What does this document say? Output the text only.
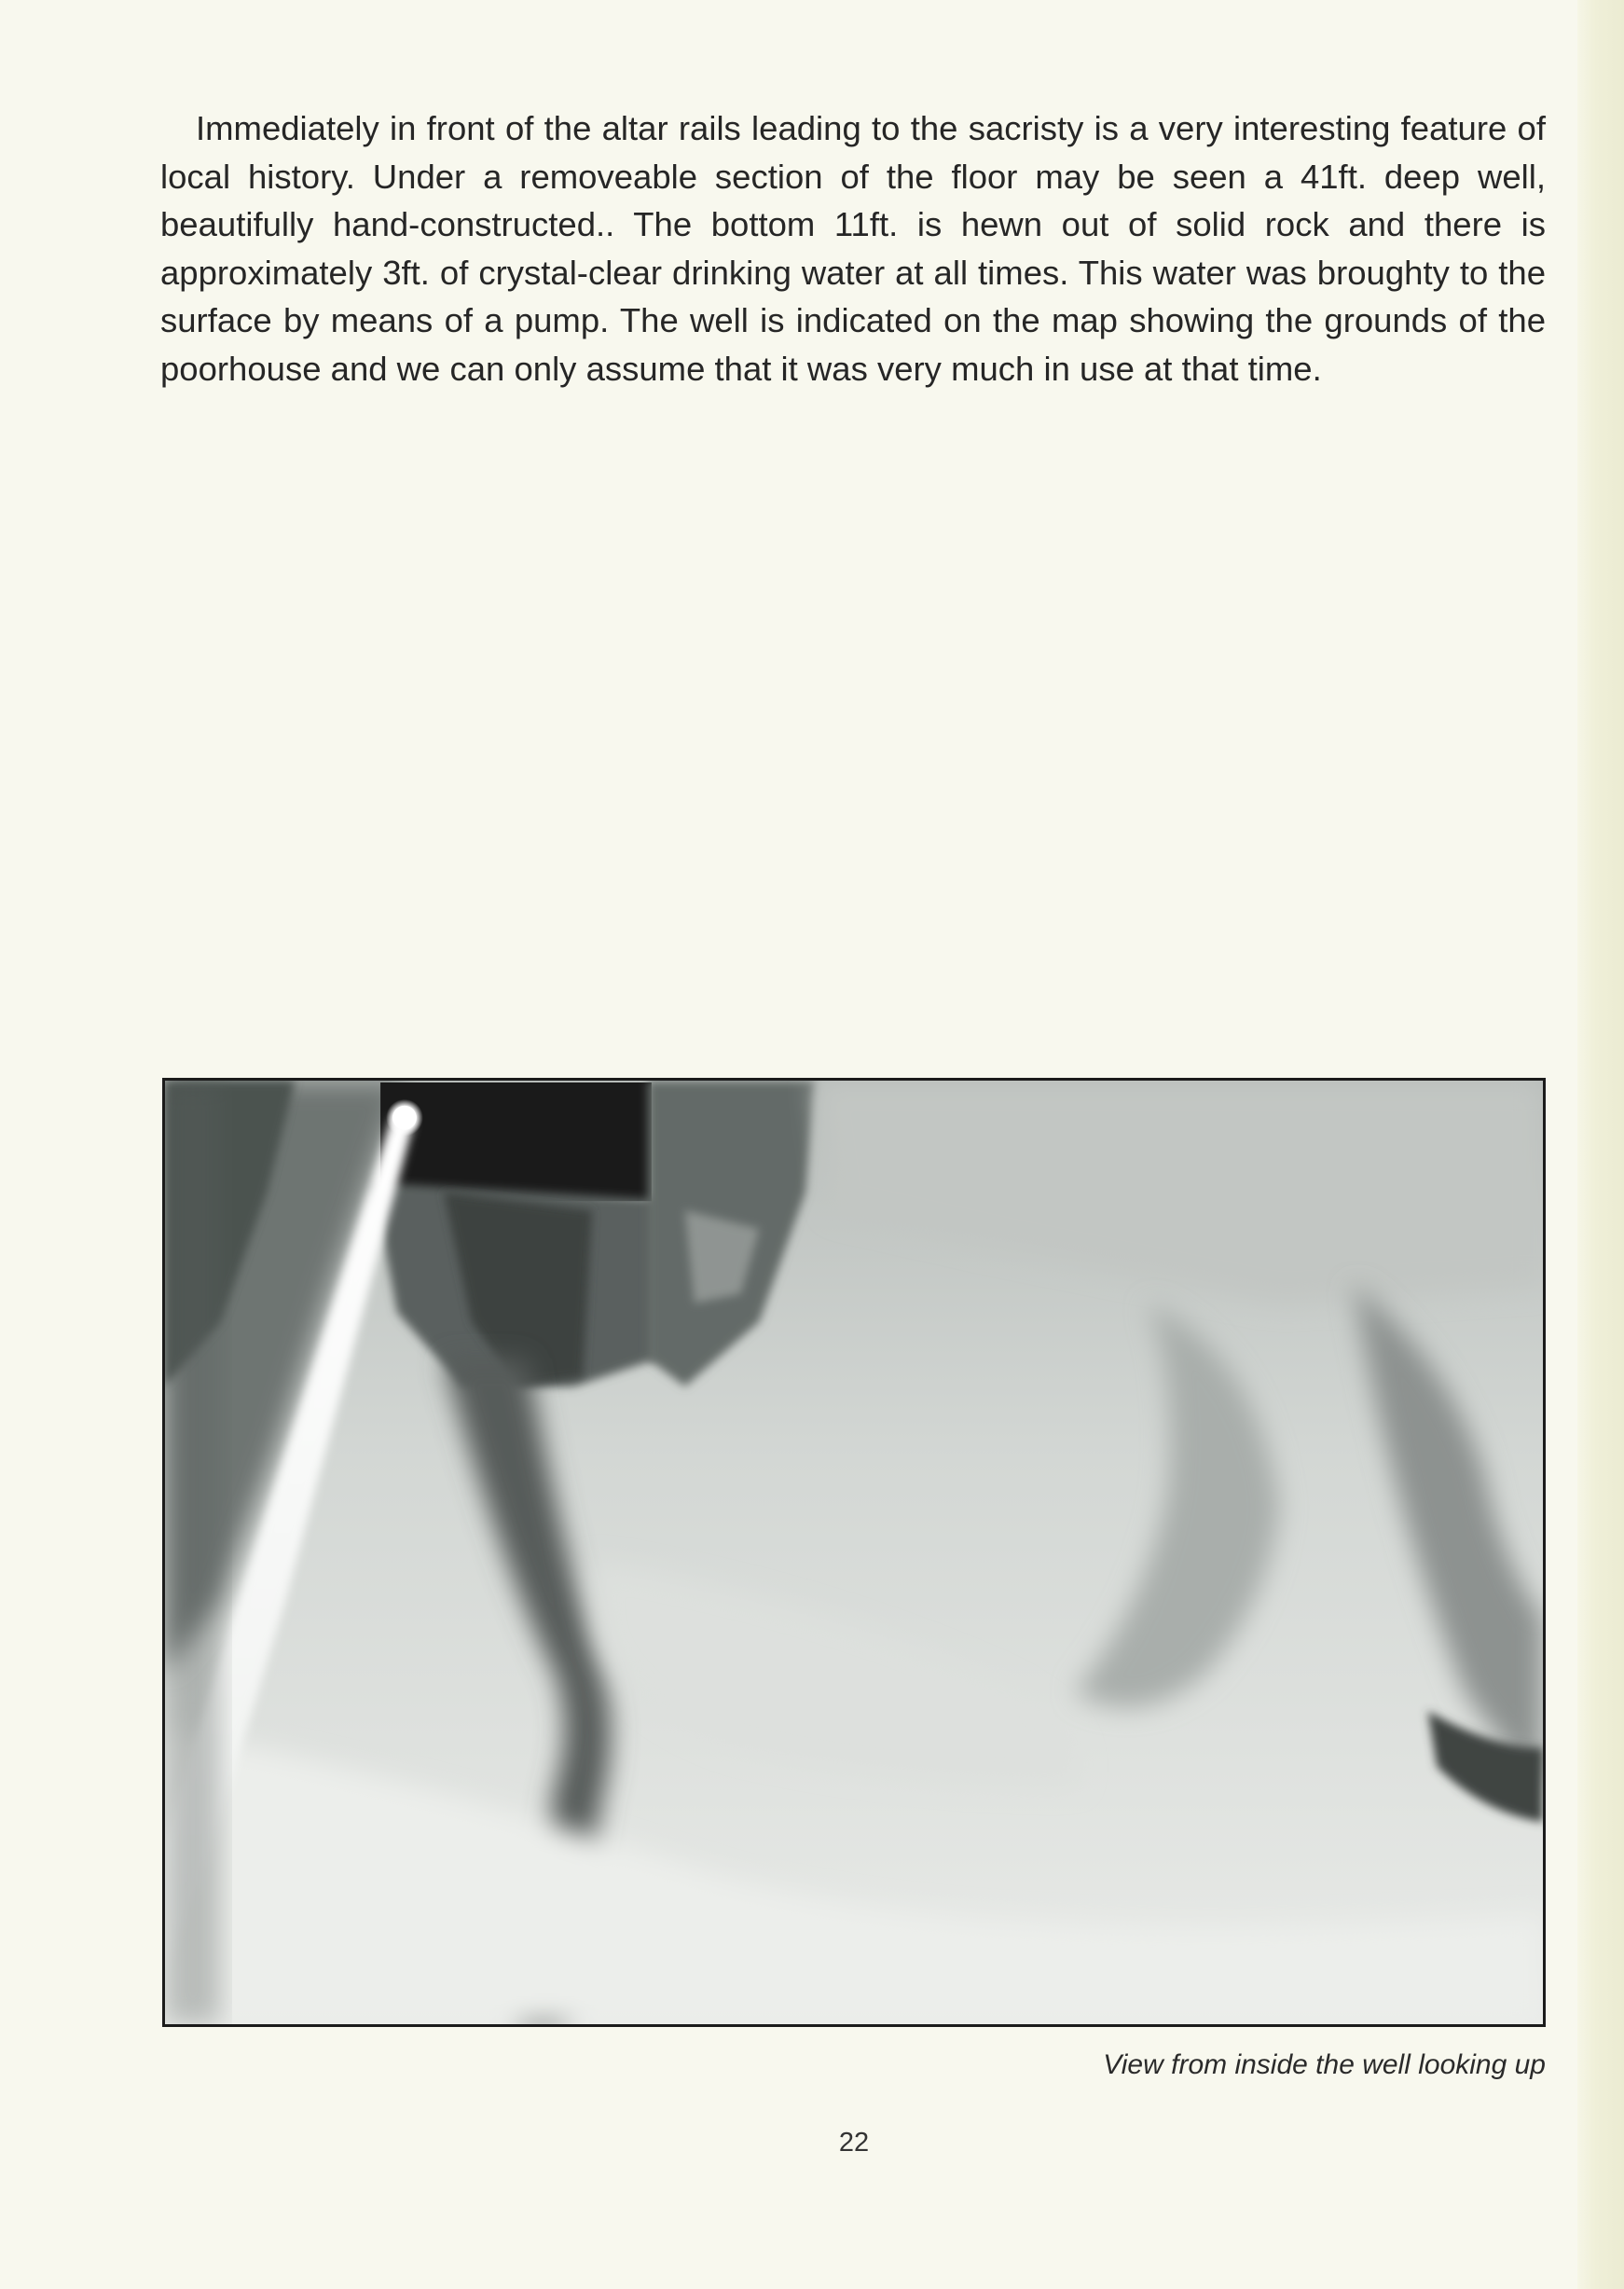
Immediately in front of the altar rails leading to the sacristy is a very interesting feature of local history. Under a removeable section of the floor may be seen a 41ft. deep well, beautifully hand-constructed.. The bottom 11ft. is hewn out of solid rock and there is approximately 3ft. of crystal-clear drinking water at all times. This water was broughty to the surface by means of a pump. The well is indicated on the map showing the grounds of the poorhouse and we can only assume that it was very much in use at that time.

View from inside the well looking up

22
